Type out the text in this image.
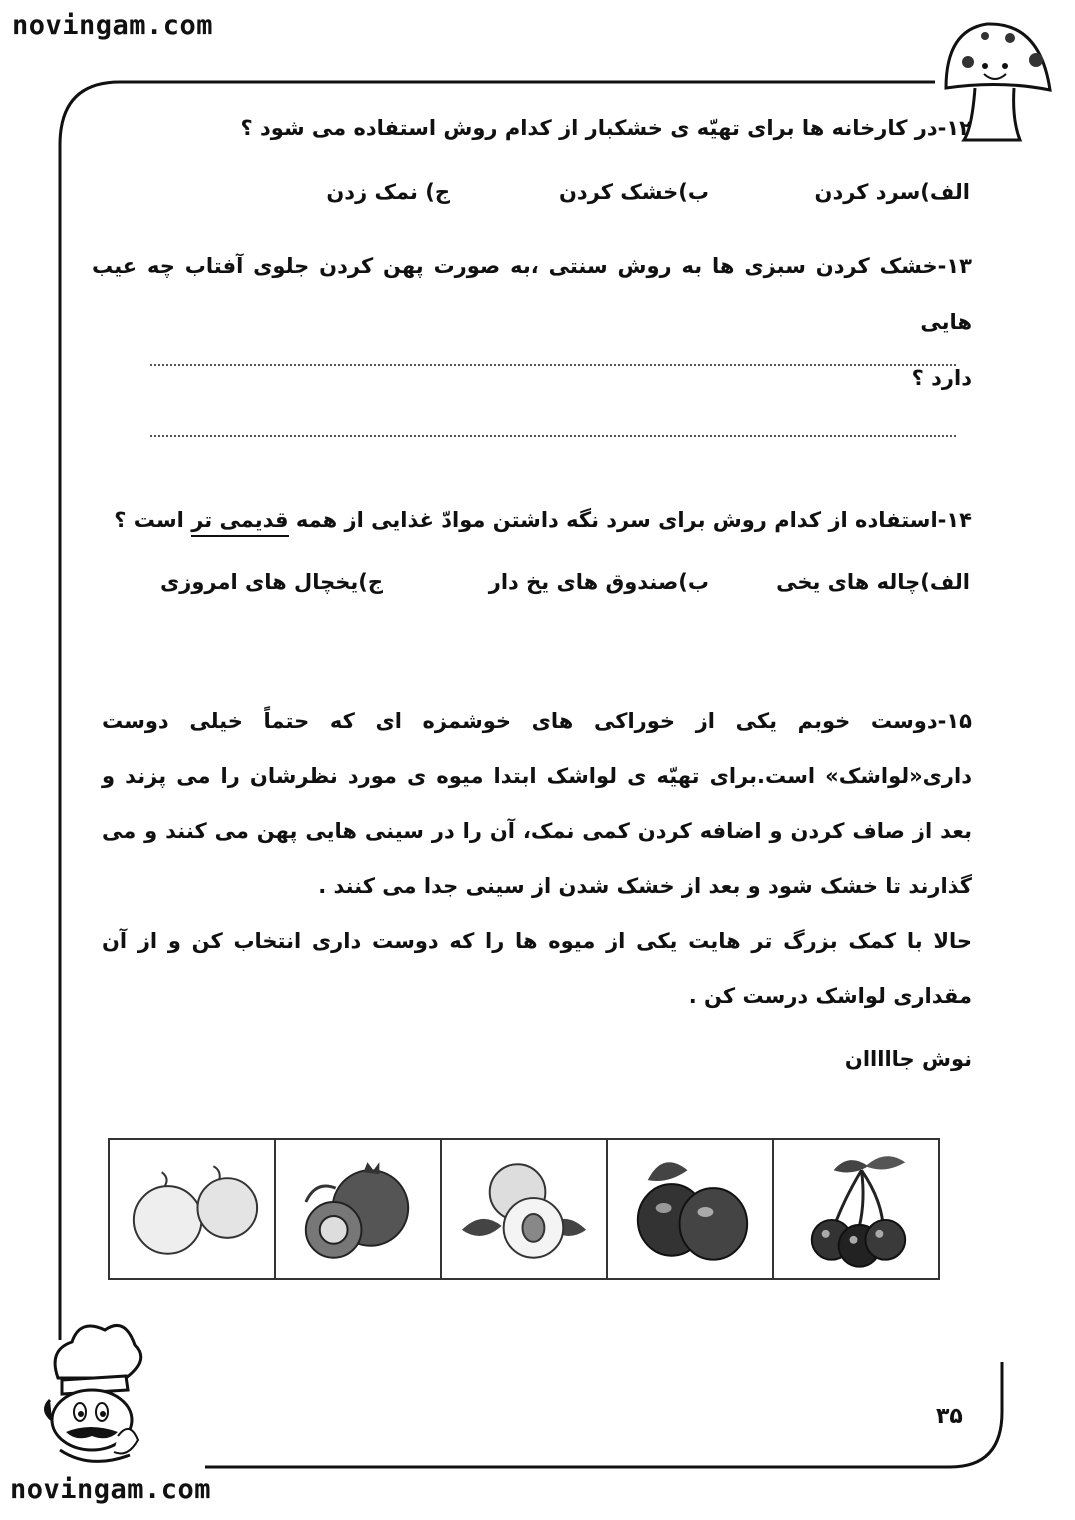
novingam.com
novingam.com
۱۲-در کارخانه ها برای تهیّه ی خشکبار از کدام روش استفاده می شود ؟
الف)سرد کردن
ب)خشک کردن
ج) نمک زدن
۱۳-خشک کردن سبزی ها به روش سنتی ،به صورت پهن کردن جلوی آفتاب چه عیب هایی
دارد ؟
۱۴-استفاده از کدام روش برای سرد نگه داشتن موادّ غذایی از همه قدیمی تر است ؟
الف)چاله های یخی
ب)صندوق های یخ دار
ج)یخچال های امروزی
۱۵-دوست خوبم یکی از خوراکی های خوشمزه ای که حتماً خیلی دوست داری«لواشک» است.برای تهیّه ی لواشک ابتدا میوه ی مورد نظرشان را می پزند و بعد از صاف کردن و اضافه کردن کمی نمک، آن را در سینی هایی پهن می کنند و می گذارند تا خشک شود و بعد از خشک شدن از سینی جدا می کنند .
حالا با کمک بزرگ تر هایت یکی از میوه ها را که دوست داری انتخاب کن و از آن مقداری لواشک درست کن .
نوش جااااان
۳۵
